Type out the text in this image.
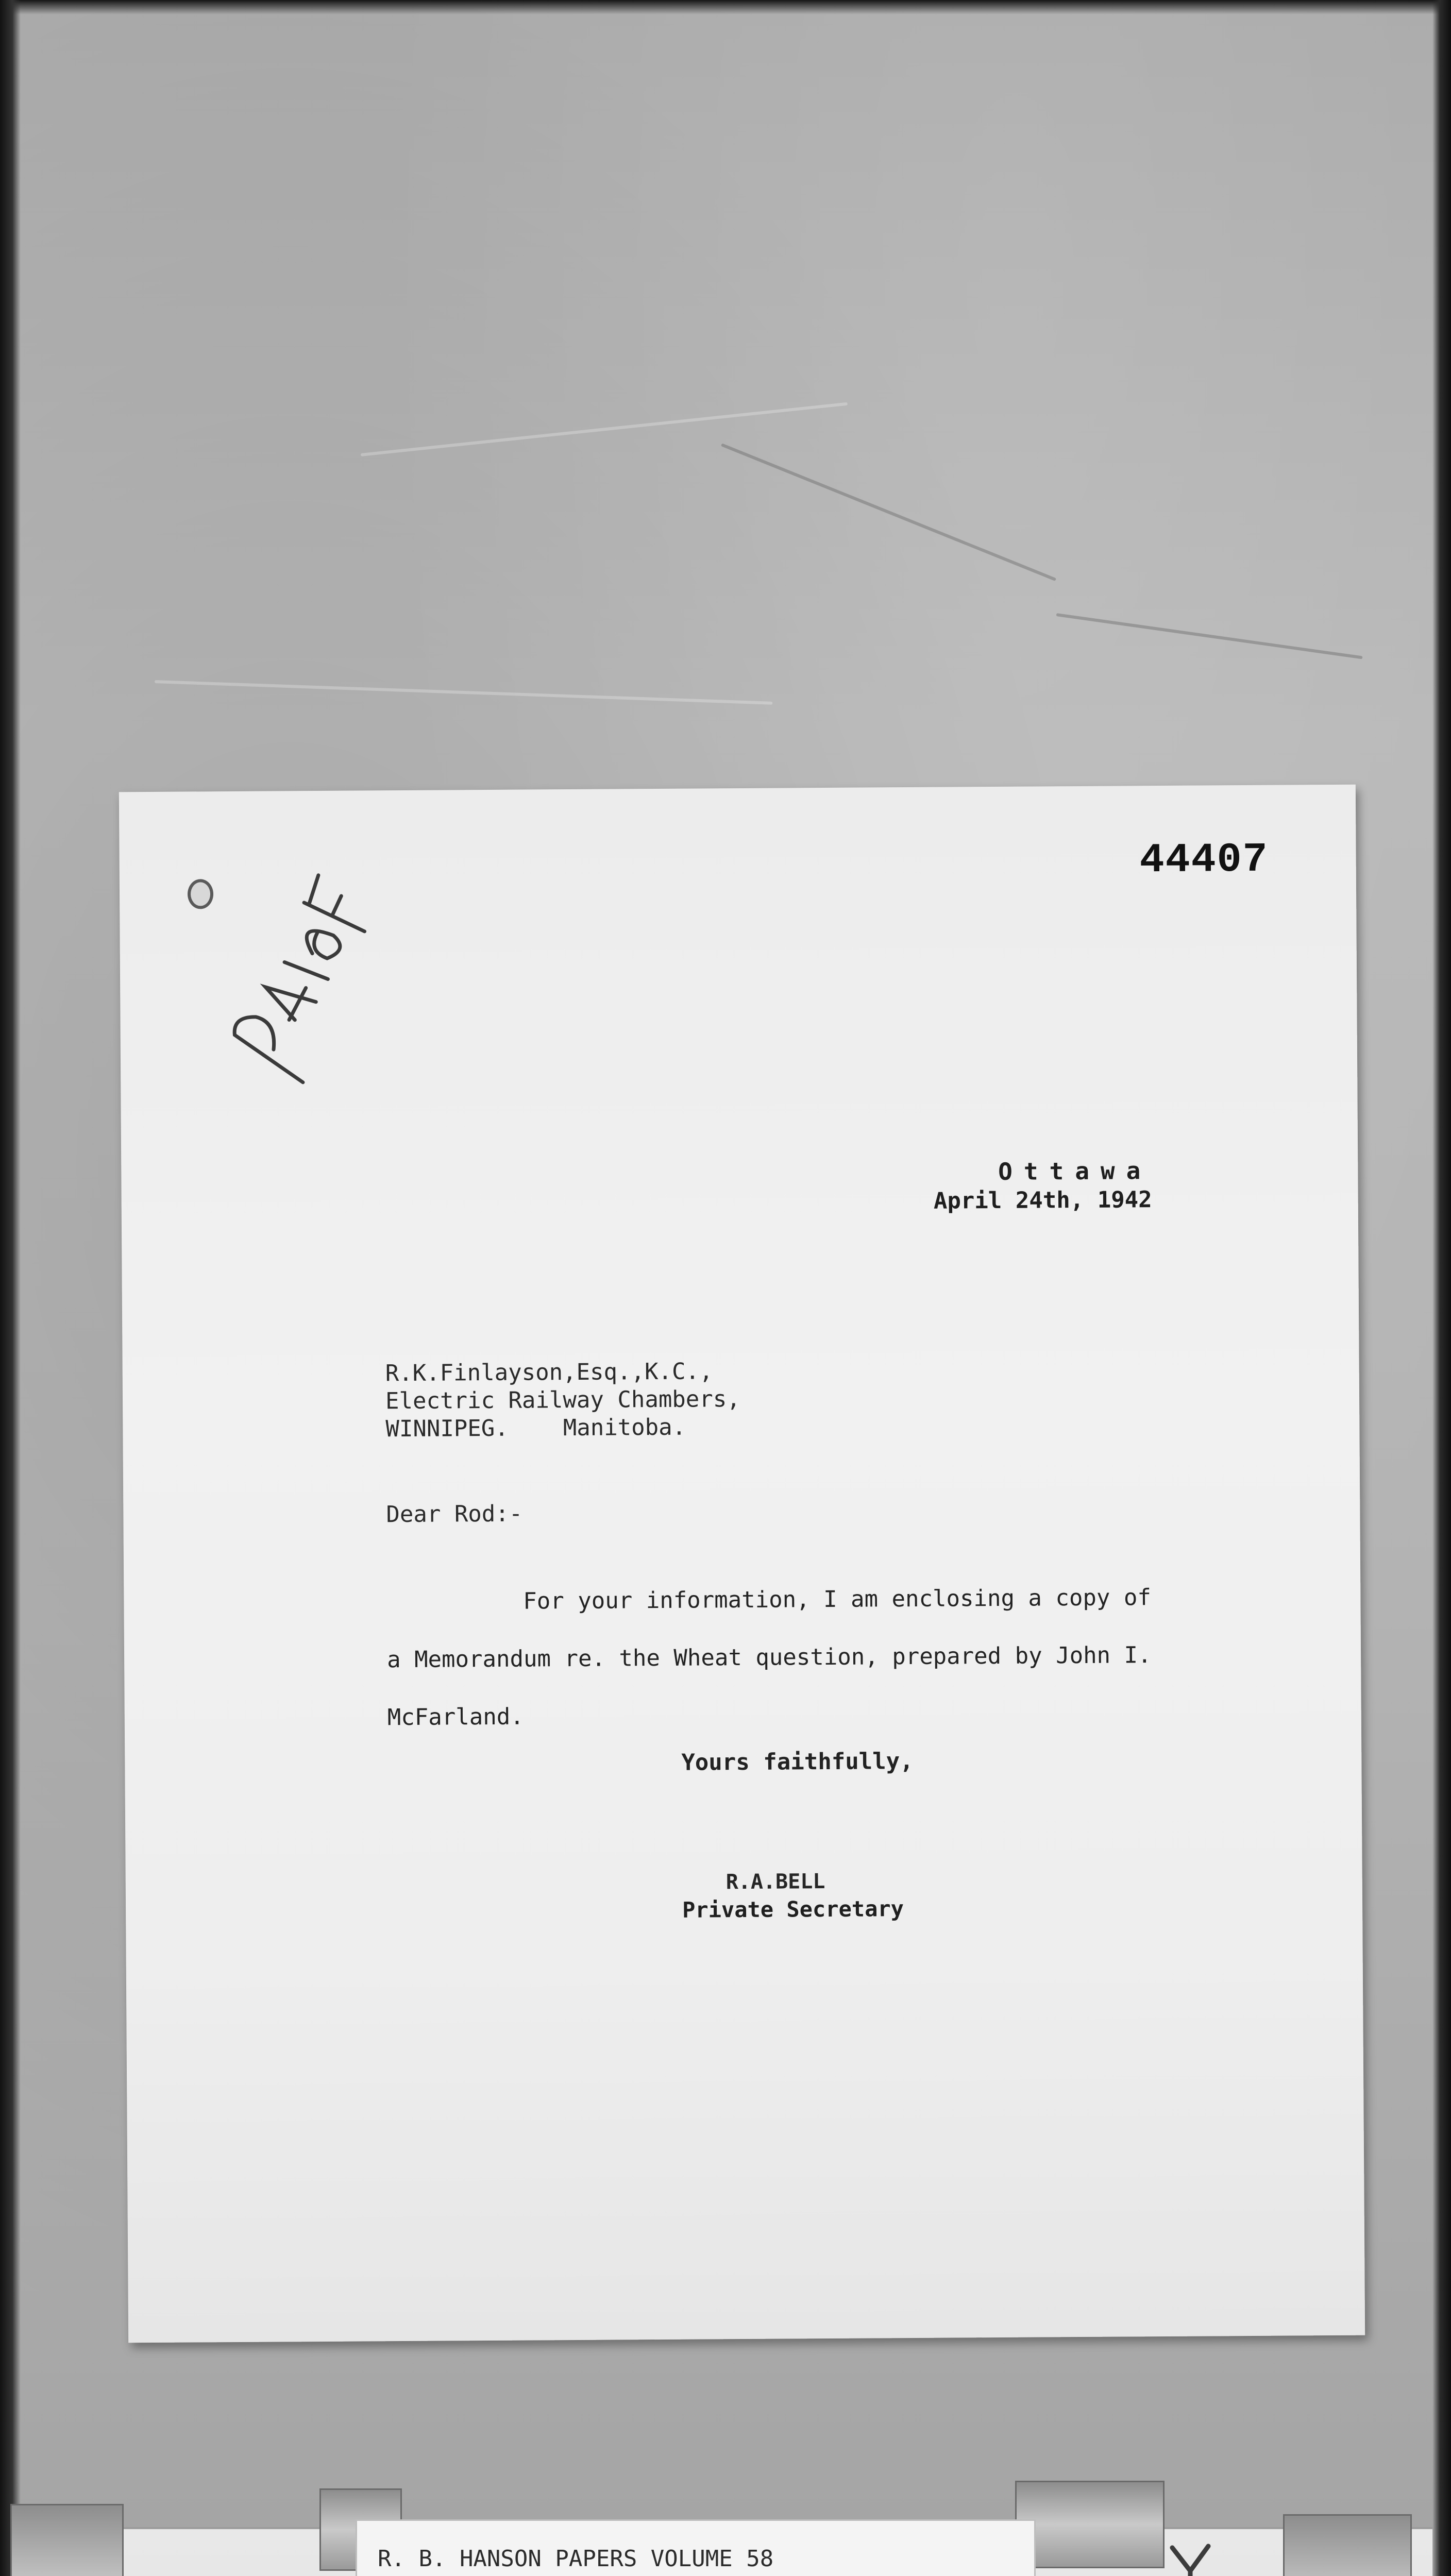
44407
Ottawa
April 24th, 1942
R.K.Finlayson,Esq.,K.C.,
Electric Railway Chambers,
WINNIPEG.    Manitoba.
Dear Rod:-
For your information, I am enclosing a copy of
a Memorandum re. the Wheat question, prepared by John I.
McFarland.
Yours faithfully,
R.A.BELL
Private Secretary
R. B. HANSON PAPERS VOLUME 58
